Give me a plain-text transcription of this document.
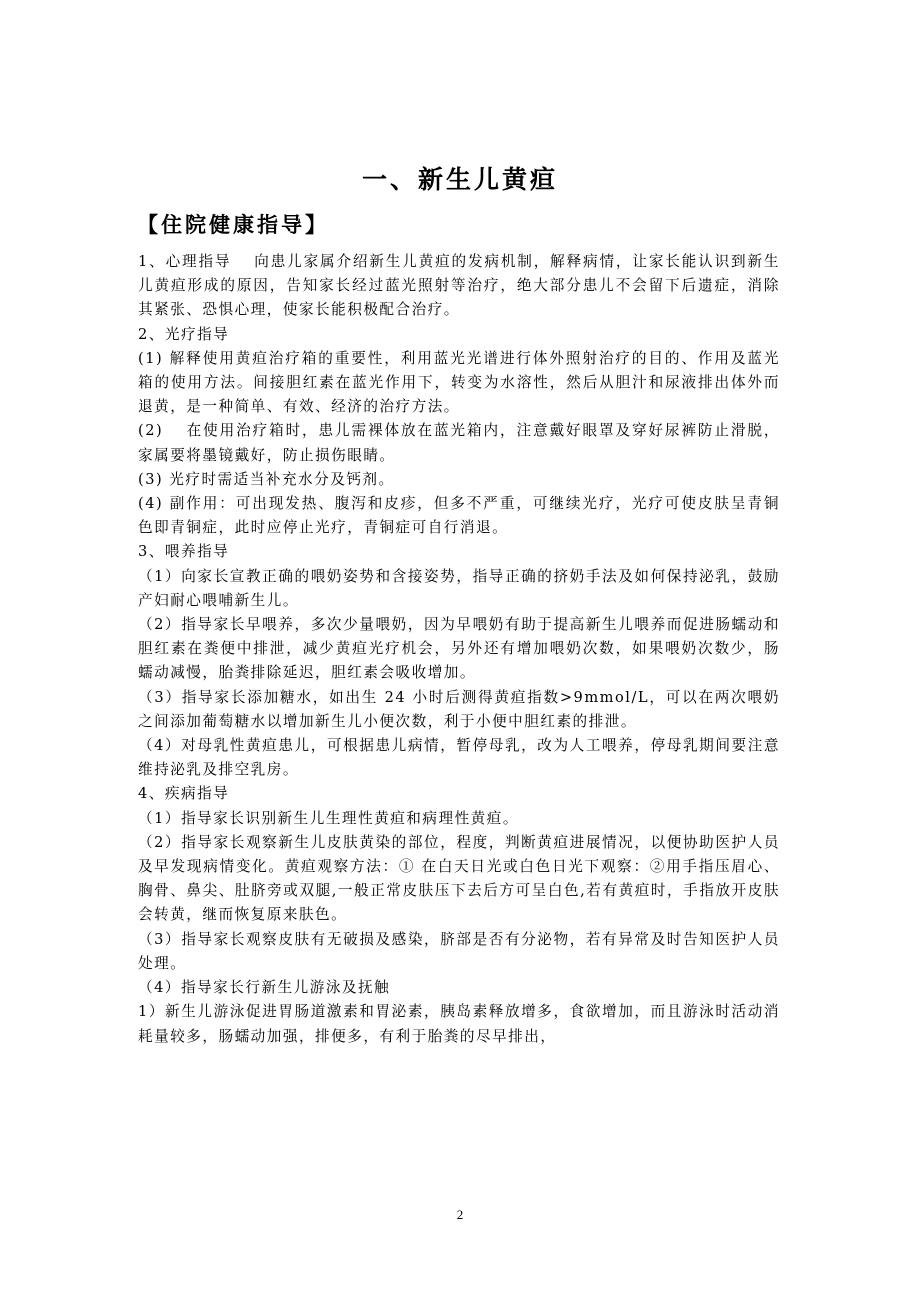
一、新生儿黄疸
【住院健康指导】

1、心理指导　 向患儿家属介绍新生儿黄疸的发病机制，解释病情，让家长能认识到新生儿黄疸形成的原因，告知家长经过蓝光照射等治疗，绝大部分患儿不会留下后遗症，消除其紧张、恐惧心理，使家长能积极配合治疗。

2、光疗指导

(1) 解释使用黄疸治疗箱的重要性，利用蓝光光谱进行体外照射治疗的目的、作用及蓝光箱的使用方法。间接胆红素在蓝光作用下，转变为水溶性，然后从胆汁和尿液排出体外而退黄，是一种简单、有效、经济的治疗方法。

(2)　 在使用治疗箱时，患儿需裸体放在蓝光箱内，注意戴好眼罩及穿好尿裤防止滑脱，家属要将墨镜戴好，防止损伤眼睛。

(3) 光疗时需适当补充水分及钙剂。

(4) 副作用：可出现发热、腹泻和皮疹，但多不严重，可继续光疗，光疗可使皮肤呈青铜色即青铜症，此时应停止光疗，青铜症可自行消退。

3、喂养指导

（1）向家长宣教正确的喂奶姿势和含接姿势，指导正确的挤奶手法及如何保持泌乳，鼓励产妇耐心喂哺新生儿。

（2）指导家长早喂养，多次少量喂奶，因为早喂奶有助于提高新生儿喂养而促进肠蠕动和胆红素在粪便中排泄，减少黄疸光疗机会，另外还有增加喂奶次数，如果喂奶次数少，肠蠕动减慢，胎粪排除延迟，胆红素会吸收增加。

（3）指导家长添加糖水，如出生 24 小时后测得黄疸指数>9mmol/L，可以在两次喂奶之间添加葡萄糖水以增加新生儿小便次数，利于小便中胆红素的排泄。

（4）对母乳性黄疸患儿，可根据患儿病情，暂停母乳，改为人工喂养，停母乳期间要注意维持泌乳及排空乳房。

4、疾病指导

（1）指导家长识别新生儿生理性黄疸和病理性黄疸。

（2）指导家长观察新生儿皮肤黄染的部位，程度，判断黄疸进展情况，以便协助医护人员及早发现病情变化。黄疸观察方法：① 在白天日光或白色日光下观察：②用手指压眉心、胸骨、鼻尖、肚脐旁或双腿,一般正常皮肤压下去后方可呈白色,若有黄疸时，手指放开皮肤会转黄，继而恢复原来肤色。

（3）指导家长观察皮肤有无破损及感染，脐部是否有分泌物，若有异常及时告知医护人员处理。

（4）指导家长行新生儿游泳及抚触

1）新生儿游泳促进胃肠道激素和胃泌素，胰岛素释放增多，食欲增加，而且游泳时活动消耗量较多，肠蠕动加强，排便多，有利于胎粪的尽早排出，

2
